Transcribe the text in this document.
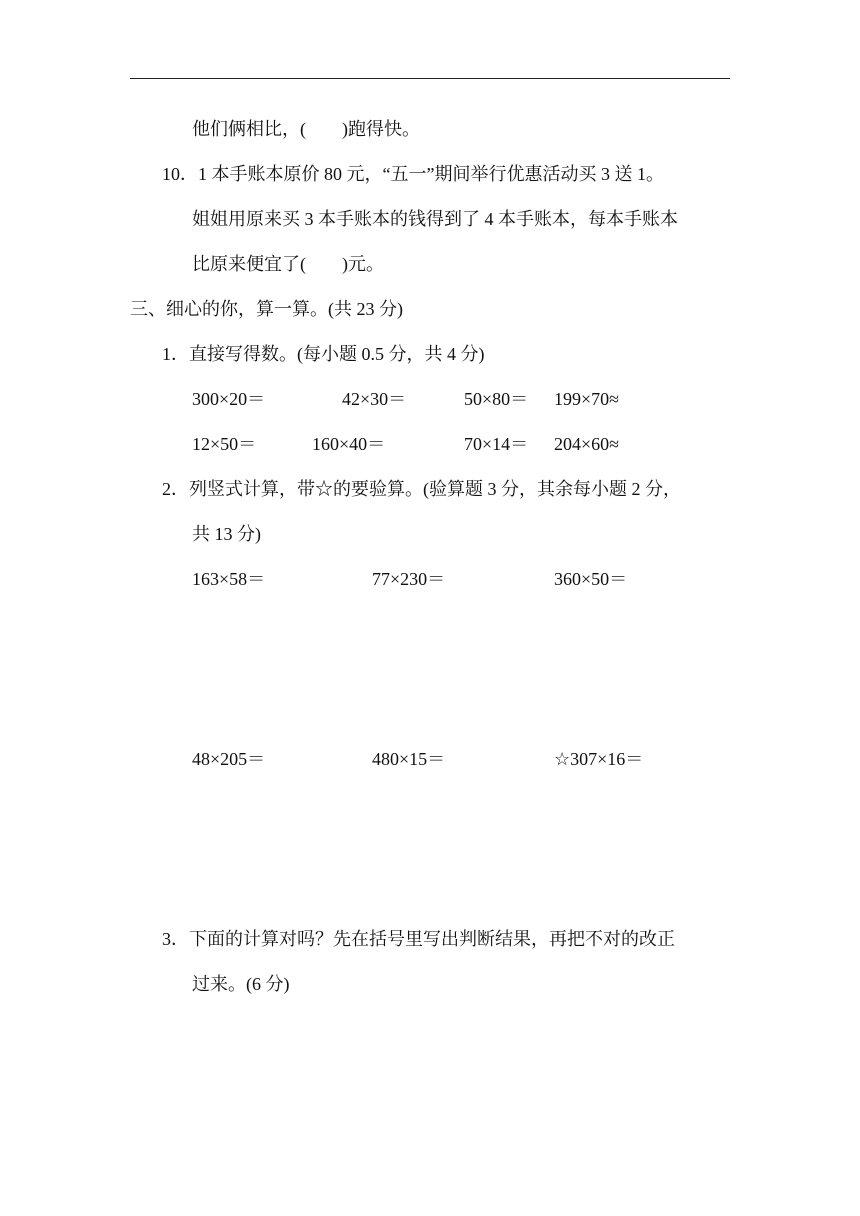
他们俩相比，(　　)跑得快。
10．1 本手账本原价 80 元，“五一”期间举行优惠活动买 3 送 1。
姐姐用原来买 3 本手账本的钱得到了 4 本手账本，每本手账本
比原来便宜了(　　)元。
三、细心的你，算一算。(共 23 分)
1．直接写得数。(每小题 0.5 分，共 4 分)
300×20＝	42×30＝	50×80＝ 199×70≈
12×50＝	160×40＝	70×14＝ 204×60≈
2．列竖式计算，带☆的要验算。(验算题 3 分，其余每小题 2 分，
共 13 分)
163×58＝	77×230＝	360×50＝
48×205＝	480×15＝	☆307×16＝
3．下面的计算对吗？先在括号里写出判断结果，再把不对的改正
过来。(6 分)
